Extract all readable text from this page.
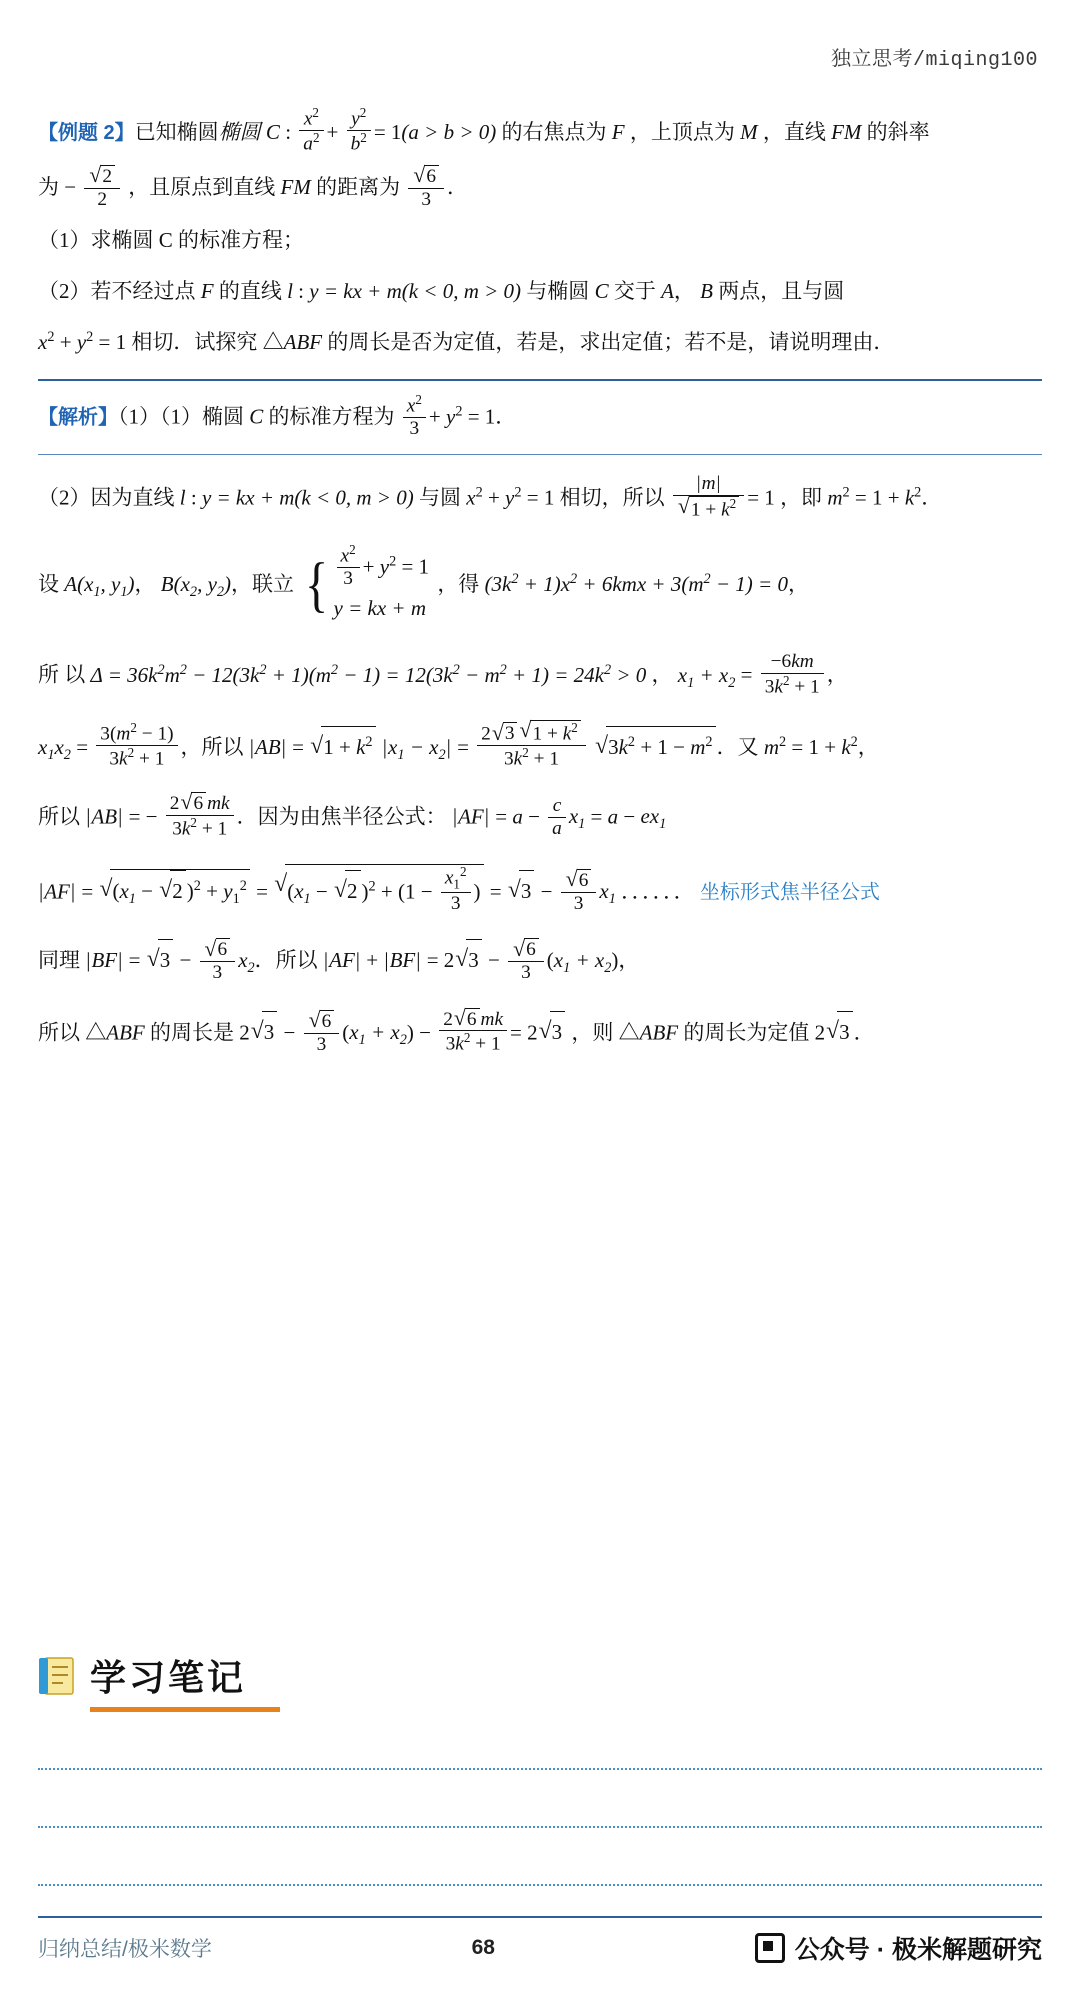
独立思考/miqing100
【例题 2】已知椭圆椭圆 C : $\frac{x^2}{a^2} + \frac{y^2}{b^2} = 1(a > b > 0)$ 的右焦点为 F ，上顶点为 M ，直线 FM 的斜率
为 − √ $\frac{2}{2}$ ，且原点到直线 FM 的距离为 √ $\frac{6}{3}$ ．
（1）求椭圆 C 的标准方程；
（2）若不经过点 F 的直线 l : y = kx + m(k < 0, m > 0) 与椭圆 C 交于 A， B 两点，且与圆
$x^2 + y^2 = 1$ 相切．试探究 △ABF 的周长是否为定值，若是，求出定值；若不是，请说明理由．
【解析】（1）（1）椭圆 C 的标准方程为 $\frac{x^2}{3} + y^2 = 1$．
（2）因为直线 l : y = kx + m(k < 0, m > 0) 与圆 $x^2 + y^2 = 1$ 相切，所以 |m|
√ $1 + k^2 = 1$ ，即 $m^2 = 1 + k^2$．
设 $A(x_1$, $y_1$)， $B(x_2$, $y_2$)，联立 { $\frac{x^2}{3} + y^2 = 1$
y = kx + m
，得 $(3k^2 + 1)x^2 + 6kmx + 3(m^2 - 1) = 0$，
所 以 $\Delta = 36k^2m^2 - 12(3k^2 + 1)(m^2 - 1) = 12(3k^2 - m^2 + 1) = 24k^2 > 0$ ， $x_1 + x_2 = \frac{-6km}{3k^2 + 1}$ ，
$x_1x_2 = \frac{3(m^2 - 1)}{3k^2 + 1}$ ，所以 |AB| = √ $1 + k^2$ $|x_1 - x_2| = \frac{2 √ 3 √ 1 + k^2}{3k^2 + 1}$ √ $3k^2 + 1 - m^2$ ．又 $m^2 = 1 + k^2$，
所以 |AB| = − $\frac{2 √ 6 mk}{3k^2 + 1}$ ．因为由焦半径公式： $|AF| = a - \frac{c}{a} x_1 = a - ex_1$
|AF| = √ ($x_1$ − √ 2 )$^2 + y_1^2$ = √ ($x_1$ − √ 2 )$^2 + (1 - \frac{x_1^2}{3}$ ) = √ 3 − √ $\frac{6}{3} x_1$ ．．．．．． 坐标形式焦半径公式
同理 |BF| = √ 3 − √ $\frac{6}{3} x_2$．所以 |AF| + |BF| = 2 √ 3 − √ $\frac{6}{3} (x_1 + x_2)$，
所以 △ABF 的周长是 2 √ 3 − √ $\frac{6}{3} (x_1 + x_2) - \frac{2 √ 6 mk}{3k^2 + 1} = 2$ √ 3 ，则 △ABF 的周长为定值 2 √ 3 ．
学习笔记
归纳总结/极米数学	68	公众号 · 极米解题研究
